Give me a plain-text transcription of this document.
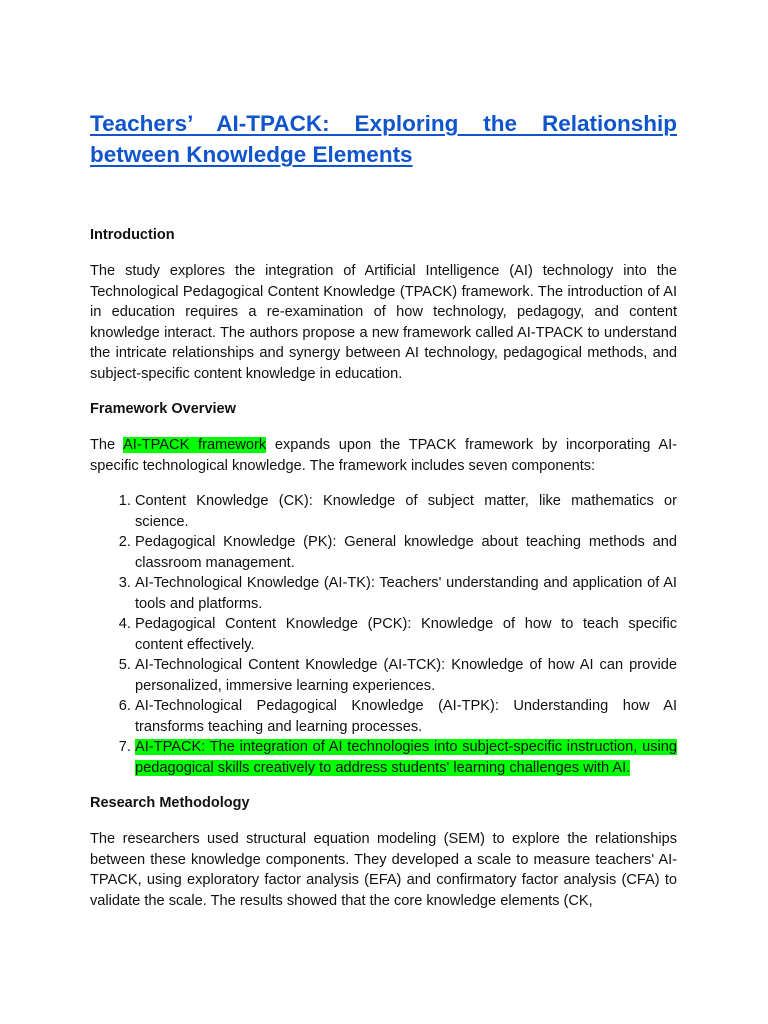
Teachers’ AI-TPACK: Exploring the Relationship between Knowledge Elements
Introduction

The study explores the integration of Artificial Intelligence (AI) technology into the Technological Pedagogical Content Knowledge (TPACK) framework. The introduction of AI in education requires a re-examination of how technology, pedagogy, and content knowledge interact. The authors propose a new framework called AI-TPACK to understand the intricate relationships and synergy between AI technology, pedagogical methods, and subject-specific content knowledge in education.

Framework Overview

The AI-TPACK framework expands upon the TPACK framework by incorporating AI-specific technological knowledge. The framework includes seven components:

1. Content Knowledge (CK): Knowledge of subject matter, like mathematics or science.
2. Pedagogical Knowledge (PK): General knowledge about teaching methods and classroom management.
3. AI-Technological Knowledge (AI-TK): Teachers' understanding and application of AI tools and platforms.
4. Pedagogical Content Knowledge (PCK): Knowledge of how to teach specific content effectively.
5. AI-Technological Content Knowledge (AI-TCK): Knowledge of how AI can provide personalized, immersive learning experiences.
6. AI-Technological Pedagogical Knowledge (AI-TPK): Understanding how AI transforms teaching and learning processes.
7. AI-TPACK: The integration of AI technologies into subject-specific instruction, using pedagogical skills creatively to address students' learning challenges with AI.
Research Methodology

The researchers used structural equation modeling (SEM) to explore the relationships between these knowledge components. They developed a scale to measure teachers' AI-TPACK, using exploratory factor analysis (EFA) and confirmatory factor analysis (CFA) to validate the scale. The results showed that the core knowledge elements (CK,
